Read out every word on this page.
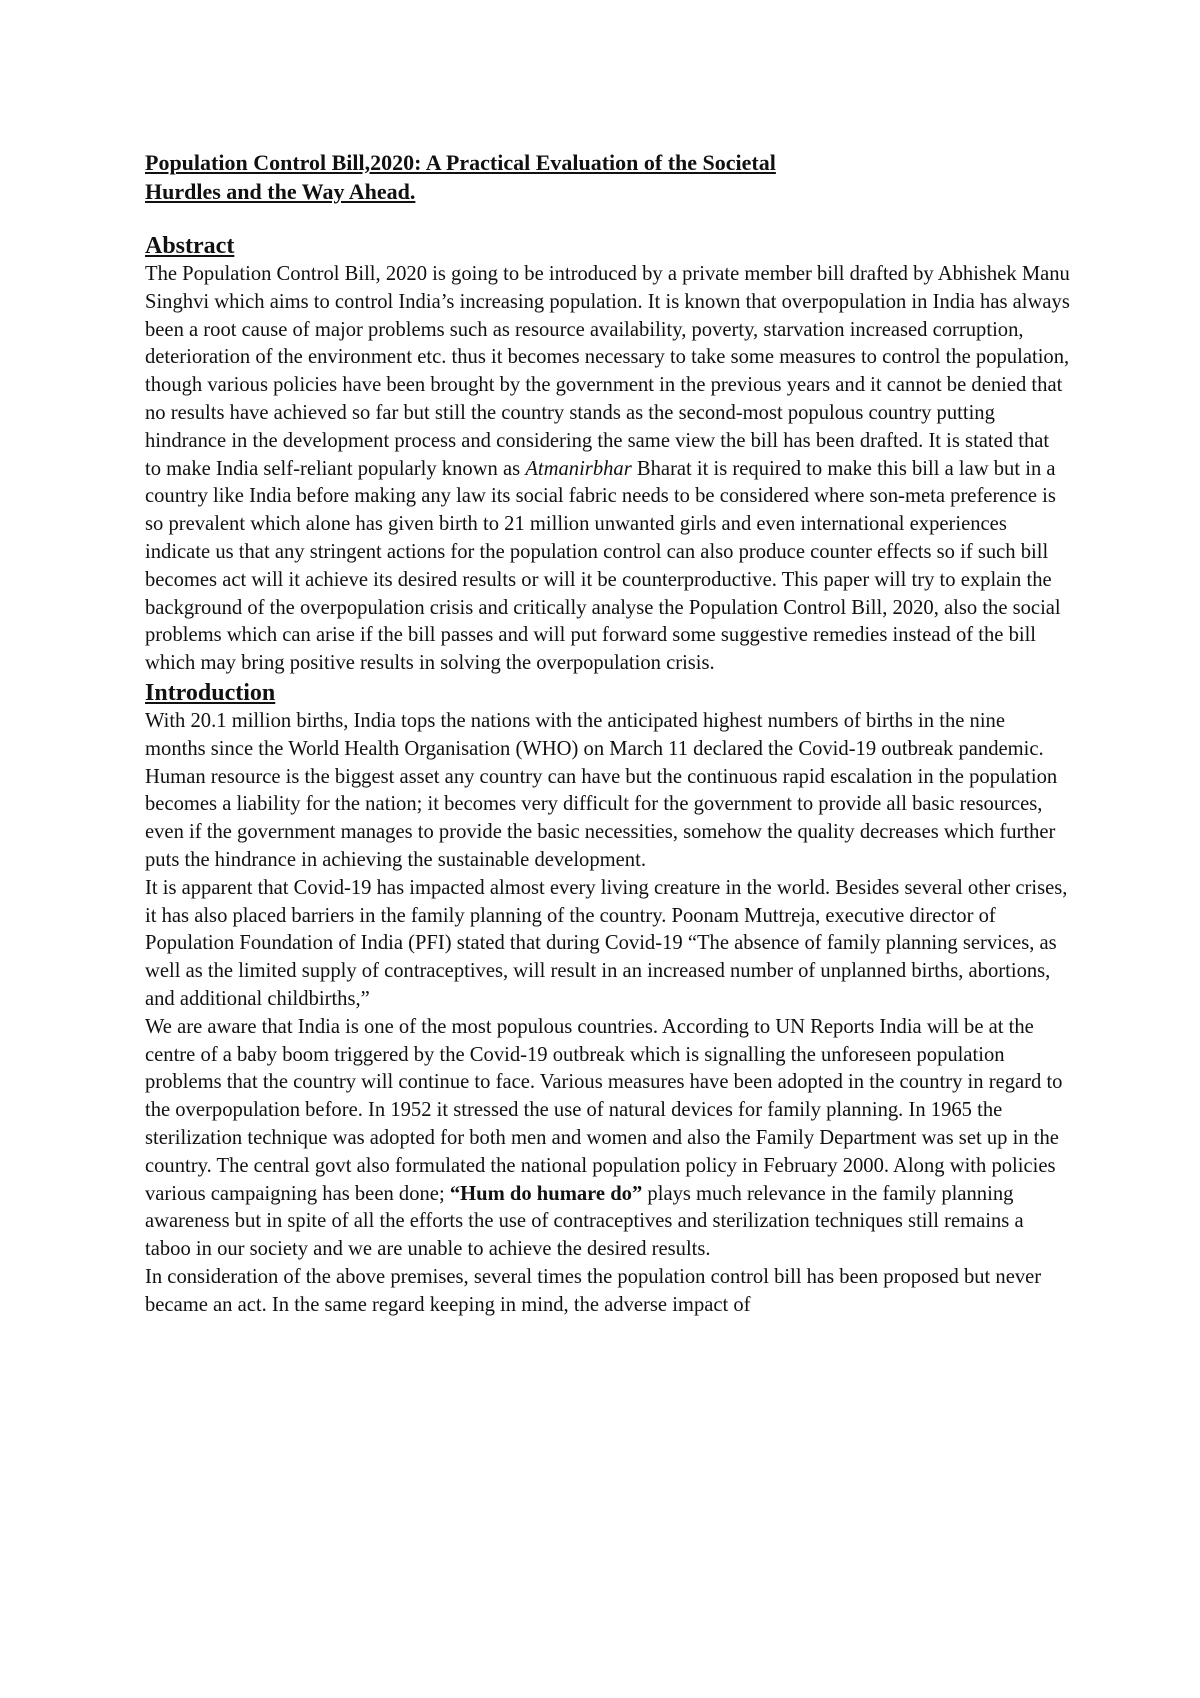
Population Control Bill,2020: A Practical Evaluation of the Societal
Hurdles and the Way Ahead.
Abstract

The Population Control Bill, 2020 is going to be introduced by a private member bill drafted by Abhishek Manu Singhvi which aims to control India’s increasing population. It is known that overpopulation in India has always been a root cause of major problems such as resource availability, poverty, starvation increased corruption, deterioration of the environment etc. thus it becomes necessary to take some measures to control the population, though various policies have been brought by the government in the previous years and it cannot be denied that no results have achieved so far but still the country stands as the second-most populous country putting hindrance in the development process and considering the same view the bill has been drafted. It is stated that to make India self-reliant popularly known as Atmanirbhar Bharat it is required to make this bill a law but in a country like India before making any law its social fabric needs to be considered where son-meta preference is so prevalent which alone has given birth to 21 million unwanted girls and even international experiences indicate us that any stringent actions for the population control can also produce counter effects so if such bill becomes act will it achieve its desired results or will it be counterproductive. This paper will try to explain the background of the overpopulation crisis and critically analyse the Population Control Bill, 2020, also the social problems which can arise if the bill passes and will put forward some suggestive remedies instead of the bill which may bring positive results in solving the overpopulation crisis.

Introduction

With 20.1 million births, India tops the nations with the anticipated highest numbers of births in the nine months since the World Health Organisation (WHO) on March 11 declared the Covid-19 outbreak pandemic.

Human resource is the biggest asset any country can have but the continuous rapid escalation in the population becomes a liability for the nation; it becomes very difficult for the government to provide all basic resources, even if the government manages to provide the basic necessities, somehow the quality decreases which further puts the hindrance in achieving the sustainable development.

It is apparent that Covid-19 has impacted almost every living creature in the world. Besides several other crises, it has also placed barriers in the family planning of the country. Poonam Muttreja, executive director of Population Foundation of India (PFI) stated that during Covid-19 “The absence of family planning services, as well as the limited supply of contraceptives, will result in an increased number of unplanned births, abortions, and additional childbirths,”

We are aware that India is one of the most populous countries. According to UN Reports India will be at the centre of a baby boom triggered by the Covid-19 outbreak which is signalling the unforeseen population problems that the country will continue to face. Various measures have been adopted in the country in regard to the overpopulation before. In 1952 it stressed the use of natural devices for family planning. In 1965 the sterilization technique was adopted for both men and women and also the Family Department was set up in the country. The central govt also formulated the national population policy in February 2000. Along with policies various campaigning has been done; “Hum do humare do” plays much relevance in the family planning awareness but in spite of all the efforts the use of contraceptives and sterilization techniques still remains a taboo in our society and we are unable to achieve the desired results.

In consideration of the above premises, several times the population control bill has been proposed but never became an act. In the same regard keeping in mind, the adverse impact of
